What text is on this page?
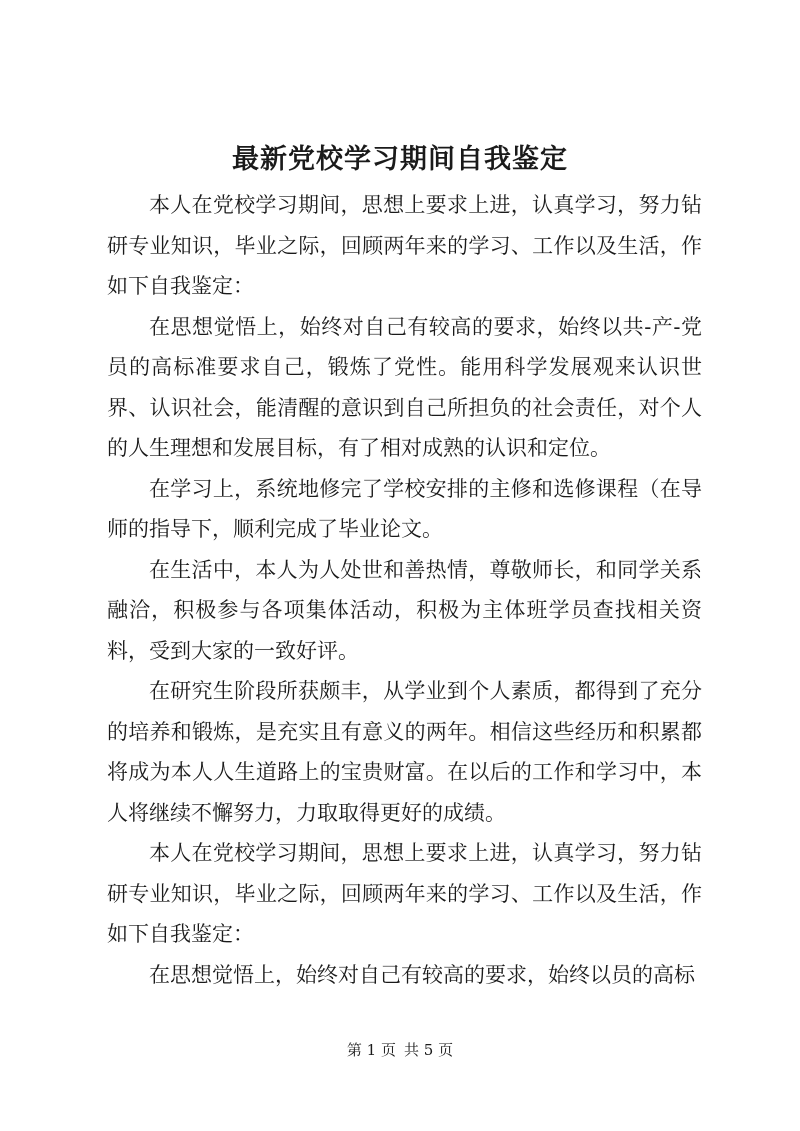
最新党校学习期间自我鉴定

本人在党校学习期间，思想上要求上进，认真学习，努力钻研专业知识，毕业之际，回顾两年来的学习、工作以及生活，作如下自我鉴定：

在思想觉悟上，始终对自己有较高的要求，始终以共-产-党员的高标准要求自己，锻炼了党性。能用科学发展观来认识世界、认识社会，能清醒的意识到自己所担负的社会责任，对个人的人生理想和发展目标，有了相对成熟的认识和定位。

在学习上，系统地修完了学校安排的主修和选修课程（在导师的指导下，顺利完成了毕业论文。

在生活中，本人为人处世和善热情，尊敬师长，和同学关系融洽，积极参与各项集体活动，积极为主体班学员查找相关资料，受到大家的一致好评。

在研究生阶段所获颇丰，从学业到个人素质，都得到了充分的培养和锻炼，是充实且有意义的两年。相信这些经历和积累都将成为本人人生道路上的宝贵财富。在以后的工作和学习中，本人将继续不懈努力，力取取得更好的成绩。

本人在党校学习期间，思想上要求上进，认真学习，努力钻研专业知识，毕业之际，回顾两年来的学习、工作以及生活，作如下自我鉴定：

在思想觉悟上，始终对自己有较高的要求，始终以员的高标

第 1 页 共 5 页
